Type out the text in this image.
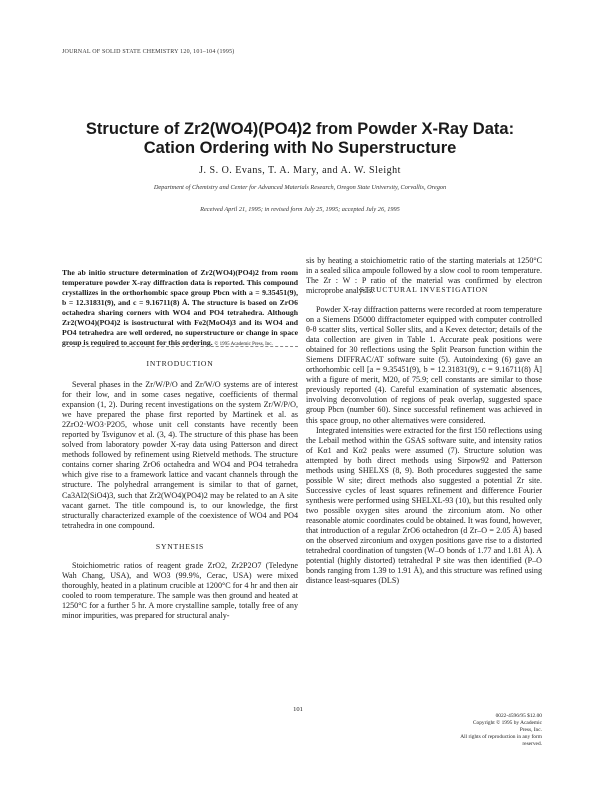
JOURNAL OF SOLID STATE CHEMISTRY 120, 101–104 (1995)
Structure of Zr2(WO4)(PO4)2 from Powder X-Ray Data:
Cation Ordering with No Superstructure
J. S. O. Evans, T. A. Mary, and A. W. Sleight
Department of Chemistry and Center for Advanced Materials Research, Oregon State University, Corvallis, Oregon
Received April 21, 1995; in revised form July 25, 1995; accepted July 26, 1995
The ab initio structure determination of Zr2(WO4)(PO4)2 from room temperature powder X-ray diffraction data is reported. This compound crystallizes in the orthorhombic space group Pbcn with a = 9.35451(9), b = 12.31831(9), and c = 9.16711(8) Å. The structure is based on ZrO6 octahedra sharing corners with WO4 and PO4 tetrahedra. Although Zr2(WO4)(PO4)2 is isostructural with Fe2(MoO4)3 and its WO4 and PO4 tetrahedra are well ordered, no superstructure or change in space group is required to account for this ordering. © 1995 Academic Press, Inc.
INTRODUCTION

Several phases in the Zr/W/P/O and Zr/W/O systems are of interest for their low, and in some cases negative, coefficients of thermal expansion (1, 2). During recent investigations on the system Zr/W/P/O, we have prepared the phase first reported by Martinek et al. as 2ZrO2·WO3·P2O5, whose unit cell constants have recently been reported by Tsvigunov et al. (3, 4). The structure of this phase has been solved from laboratory powder X-ray data using Patterson and direct methods followed by refinement using Rietveld methods. The structure contains corner sharing ZrO6 octahedra and WO4 and PO4 tetrahedra which give rise to a framework lattice and vacant channels through the structure. The polyhedral arrangement is similar to that of garnet, Ca3Al2(SiO4)3, such that Zr2(WO4)(PO4)2 may be related to an A site vacant garnet. The title compound is, to our knowledge, the first structurally characterized example of the coexistence of WO4 and PO4 tetrahedra in one compound.

SYNTHESIS

Stoichiometric ratios of reagent grade ZrO2, Zr2P2O7 (Teledyne Wah Chang, USA), and WO3 (99.9%, Cerac, USA) were mixed thoroughly, heated in a platinum crucible at 1200°C for 4 hr and then air cooled to room temperature. The sample was then ground and heated at 1250°C for a further 5 hr. A more crystalline sample, totally free of any minor impurities, was prepared for structural analy-

sis by heating a stoichiometric ratio of the starting materials at 1250°C in a sealed silica ampoule followed by a slow cool to room temperature. The Zr : W : P ratio of the material was confirmed by electron microprobe analysis.

STRUCTURAL INVESTIGATION

Powder X-ray diffraction patterns were recorded at room temperature on a Siemens D5000 diffractometer equipped with computer controlled θ-θ scatter slits, vertical Soller slits, and a Kevex detector; details of the data collection are given in Table 1. Accurate peak positions were obtained for 30 reflections using the Split Pearson function within the Siemens DIFFRAC/AT software suite (5). Autoindexing (6) gave an orthorhombic cell [a = 9.35451(9), b = 12.31831(9), c = 9.16711(8) Å] with a figure of merit, M20, of 75.9; cell constants are similar to those previously reported (4). Careful examination of systematic absences, involving deconvolution of regions of peak overlap, suggested space group Pbcn (number 60). Since successful refinement was achieved in this space group, no other alternatives were considered.

Integrated intensities were extracted for the first 150 reflections using the Lebail method within the GSAS software suite, and intensity ratios of Kα1 and Kα2 peaks were assumed (7). Structure solution was attempted by both direct methods using Sirpow92 and Patterson methods using SHELXS (8, 9). Both procedures suggested the same possible W site; direct methods also suggested a potential Zr site. Successive cycles of least squares refinement and difference Fourier synthesis were performed using SHELXL-93 (10), but this resulted only two possible oxygen sites around the zirconium atom. No other reasonable atomic coordinates could be obtained. It was found, however, that introduction of a regular ZrO6 octahedron (d Zr–O = 2.05 Å) based on the observed zirconium and oxygen positions gave rise to a distorted tetrahedral coordination of tungsten (W–O bonds of 1.77 and 1.81 Å). A potential (highly distorted) tetrahedral P site was then identified (P–O bonds ranging from 1.39 to 1.91 Å), and this structure was refined using distance least-squares (DLS)

101
0022-4596/95 $12.00
Copyright © 1995 by Academic Press, Inc.
All rights of reproduction in any form reserved.
